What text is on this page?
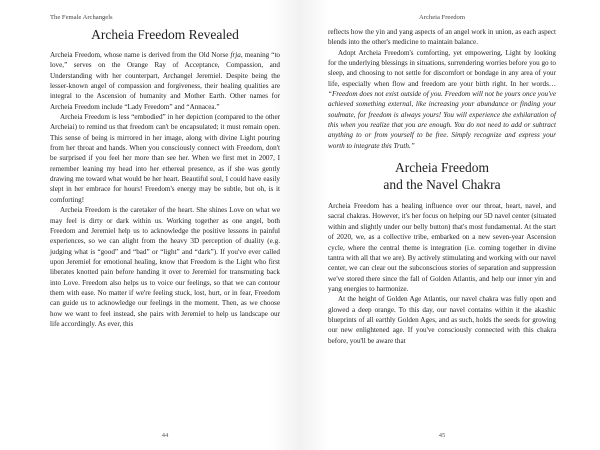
The Female Archangels
Archeia Freedom Revealed

Archeia Freedom, whose name is derived from the Old Norse frja, meaning “to love,” serves on the Orange Ray of Acceptance, Compassion, and Understanding with her counterpart, Archangel Jeremiel. Despite being the lesser-known angel of compassion and forgiveness, their healing qualities are integral to the Ascension of humanity and Mother Earth. Other names for Archeia Freedom include “Lady Freedom” and “Annacea.”

Archeia Freedom is less “embodied” in her depiction (compared to the other Archeiai) to remind us that freedom can't be encapsulated; it must remain open. This sense of being is mirrored in her image, along with divine Light pouring from her throat and hands. When you consciously connect with Freedom, don't be surprised if you feel her more than see her. When we first met in 2007, I remember leaning my head into her ethereal presence, as if she was gently drawing me toward what would be her heart. Beautiful soul, I could have easily slept in her embrace for hours! Freedom's energy may be subtle, but oh, is it comforting!

Archeia Freedom is the caretaker of the heart. She shines Love on what we may feel is dirty or dark within us. Working together as one angel, both Freedom and Jeremiel help us to acknowledge the positive lessons in painful experiences, so we can alight from the heavy 3D perception of duality (e.g. judging what is “good” and “bad” or “light” and “dark”). If you've ever called upon Jeremiel for emotional healing, know that Freedom is the Light who first liberates knotted pain before handing it over to Jeremiel for transmuting back into Love. Freedom also helps us to voice our feelings, so that we can contour them with ease. No matter if we're feeling stuck, lost, hurt, or in fear, Freedom can guide us to acknowledge our feelings in the moment. Then, as we choose how we want to feel instead, she pairs with Jeremiel to help us landscape our life accordingly. As ever, this

44
Archeia Freedom

reflects how the yin and yang aspects of an angel work in union, as each aspect blends into the other's medicine to maintain balance.

Adopt Archeia Freedom's comforting, yet empowering, Light by looking for the underlying blessings in situations, surrendering worries before you go to sleep, and choosing to not settle for discomfort or bondage in any area of your life, especially when flow and freedom are your birth right. In her words… “Freedom does not exist outside of you. Freedom will not be yours once you've achieved something external, like increasing your abundance or finding your soulmate, for freedom is always yours! You will experience the exhilaration of this when you realize that you are enough. You do not need to add or subtract anything to or from yourself to be free. Simply recognize and express your worth to integrate this Truth.”

Archeia Freedom
and the Navel Chakra

Archeia Freedom has a healing influence over our throat, heart, navel, and sacral chakras. However, it's her focus on helping our 5D navel center (situated within and slightly under our belly button) that's most fundamental. At the start of 2020, we, as a collective tribe, embarked on a new seven-year Ascension cycle, where the central theme is integration (i.e. coming together in divine tantra with all that we are). By actively stimulating and working with our navel center, we can clear out the subconscious stories of separation and suppression we've stored there since the fall of Golden Atlantis, and help our inner yin and yang energies to harmonize.

At the height of Golden Age Atlantis, our navel chakra was fully open and glowed a deep orange. To this day, our navel contains within it the akashic blueprints of all earthly Golden Ages, and as such, holds the seeds for growing our new enlightened age. If you've consciously connected with this chakra before, you'll be aware that

45
